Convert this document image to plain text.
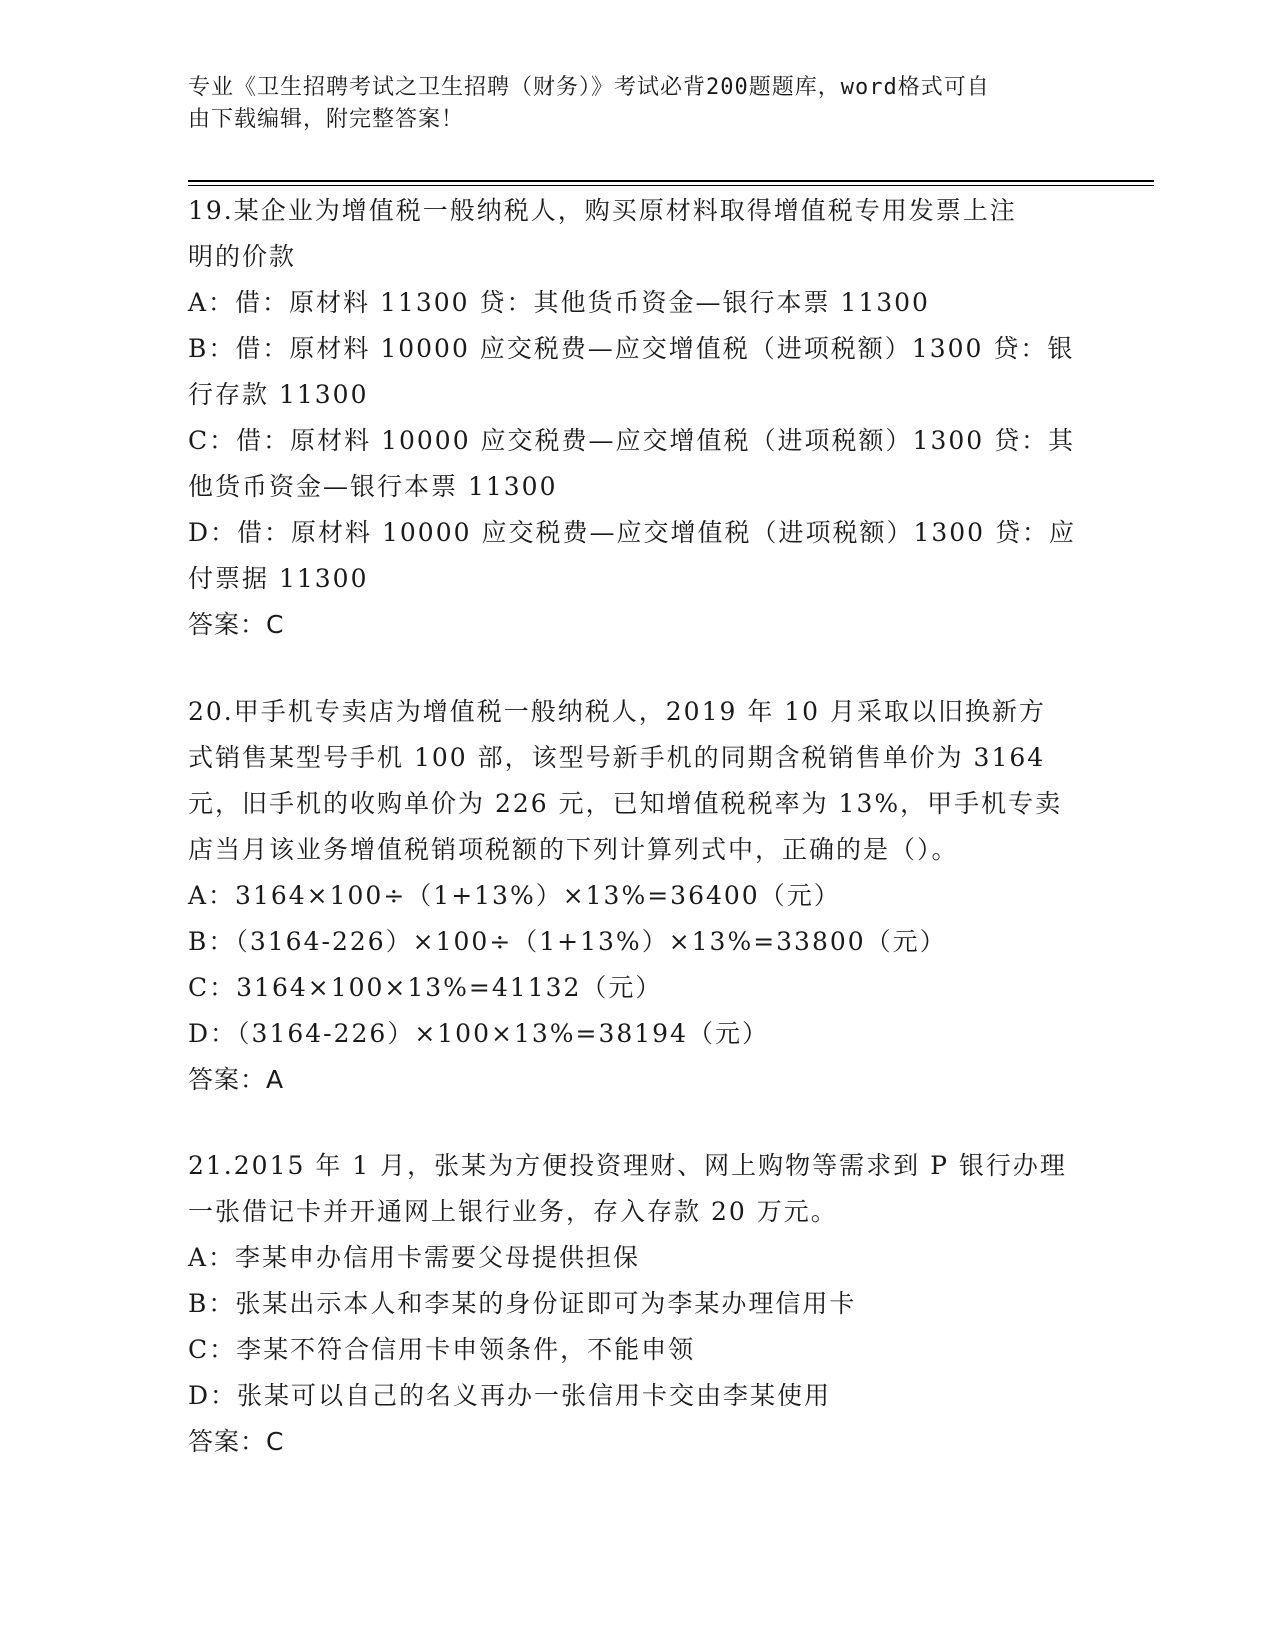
专业《卫生招聘考试之卫生招聘（财务）》考试必背200题题库，word格式可自
由下载编辑，附完整答案！
19.某企业为增值税一般纳税人，购买原材料取得增值税专用发票上注
明的价款
A：借：原材料 11300 贷：其他货币资金—银行本票 11300
B：借：原材料 10000 应交税费—应交增值税（进项税额）1300 贷：银
行存款 11300
C：借：原材料 10000 应交税费—应交增值税（进项税额）1300 贷：其
他货币资金—银行本票 11300
D：借：原材料 10000 应交税费—应交增值税（进项税额）1300 贷：应
付票据 11300
答案：C
20.甲手机专卖店为增值税一般纳税人，2019 年 10 月采取以旧换新方
式销售某型号手机 100 部，该型号新手机的同期含税销售单价为 3164
元，旧手机的收购单价为 226 元，已知增值税税率为 13%，甲手机专卖
店当月该业务增值税销项税额的下列计算列式中，正确的是（）。
A：3164×100÷（1+13%）×13%=36400（元）
B：（3164-226）×100÷（1+13%）×13%=33800（元）
C：3164×100×13%=41132（元）
D：（3164-226）×100×13%=38194（元）
答案：A
21.2015 年 1 月，张某为方便投资理财、网上购物等需求到 P 银行办理
一张借记卡并开通网上银行业务，存入存款 20 万元。
A：李某申办信用卡需要父母提供担保
B：张某出示本人和李某的身份证即可为李某办理信用卡
C：李某不符合信用卡申领条件，不能申领
D：张某可以自己的名义再办一张信用卡交由李某使用
答案：C
